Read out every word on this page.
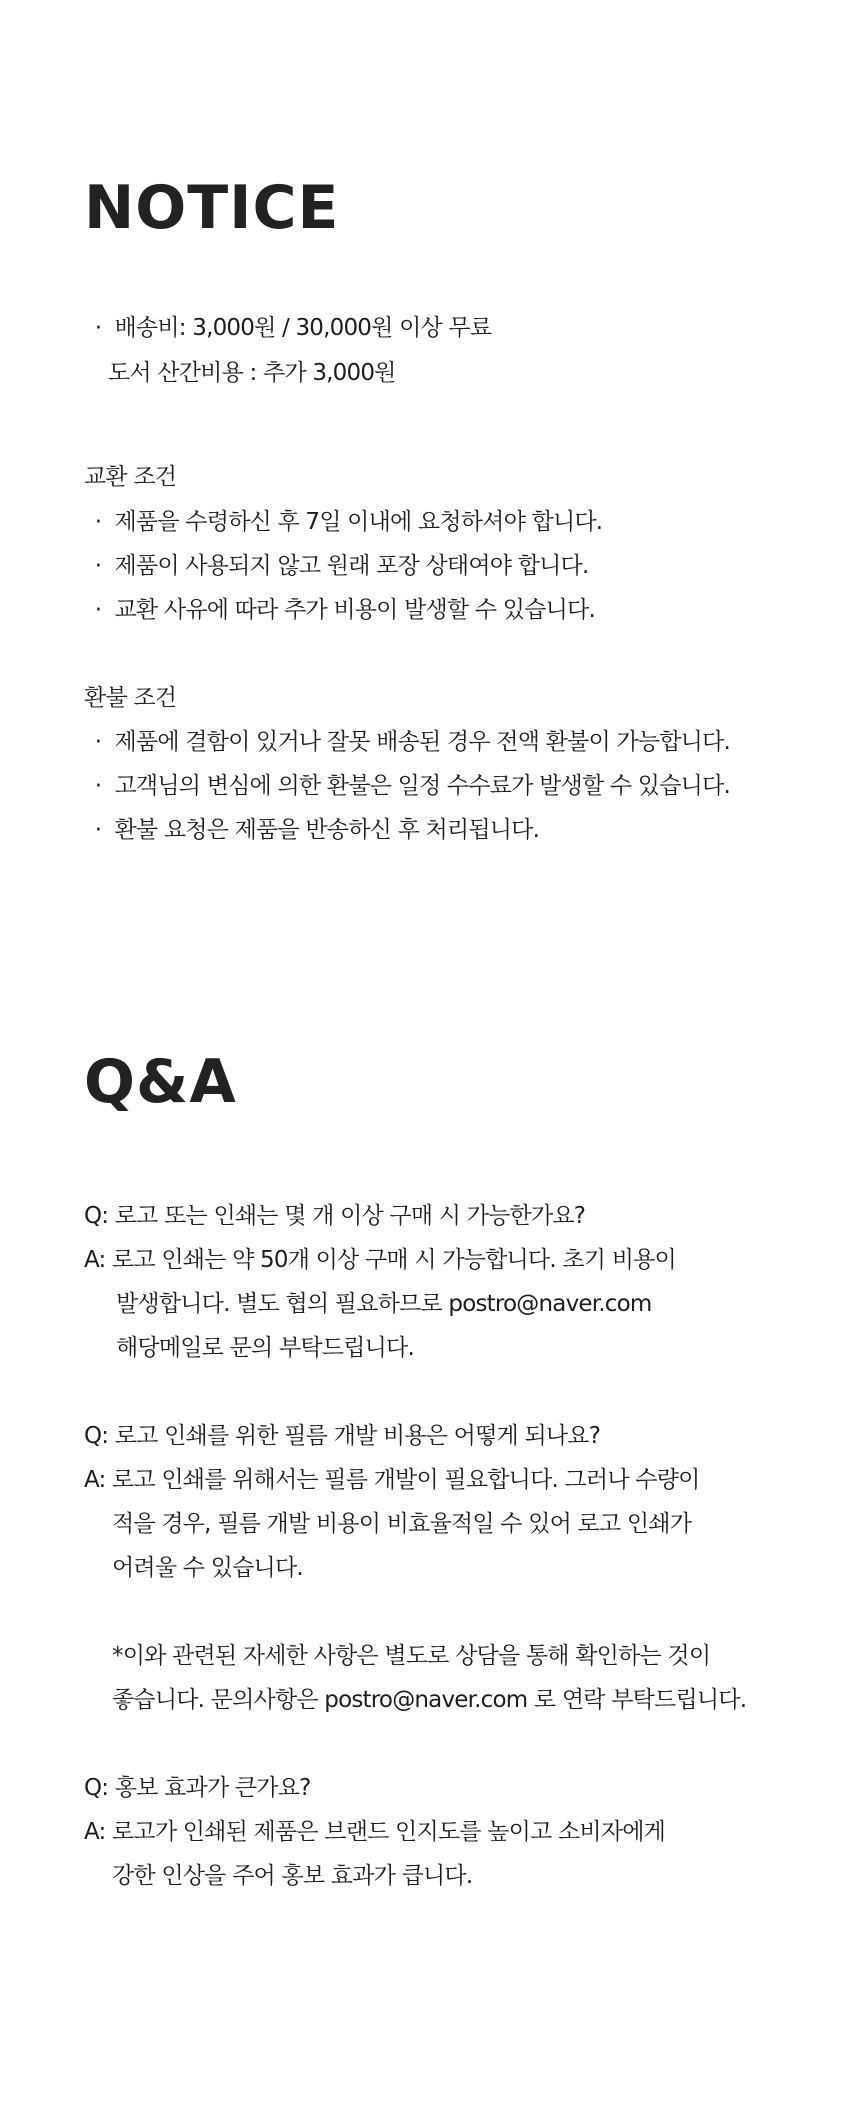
NOTICE

· 배송비: 3,000원 / 30,000원 이상 무료

도서 산간비용 : 추가 3,000원

교환 조건

· 제품을 수령하신 후 7일 이내에 요청하셔야 합니다.

· 제품이 사용되지 않고 원래 포장 상태여야 합니다.

· 교환 사유에 따라 추가 비용이 발생할 수 있습니다.

환불 조건

· 제품에 결함이 있거나 잘못 배송된 경우 전액 환불이 가능합니다.

· 고객님의 변심에 의한 환불은 일정 수수료가 발생할 수 있습니다.

· 환불 요청은 제품을 반송하신 후 처리됩니다.

Q&A

Q: 로고 또는 인쇄는 몇 개 이상 구매 시 가능한가요?

A: 로고 인쇄는 약 50개 이상 구매 시 가능합니다. 초기 비용이

발생합니다. 별도 협의 필요하므로 postro@naver.com

해당메일로 문의 부탁드립니다.

Q: 로고 인쇄를 위한 필름 개발 비용은 어떻게 되나요?

A: 로고 인쇄를 위해서는 필름 개발이 필요합니다. 그러나 수량이

적을 경우, 필름 개발 비용이 비효율적일 수 있어 로고 인쇄가

어려울 수 있습니다.

*이와 관련된 자세한 사항은 별도로 상담을 통해 확인하는 것이

좋습니다. 문의사항은 postro@naver.com 로 연락 부탁드립니다.

Q: 홍보 효과가 큰가요?

A: 로고가 인쇄된 제품은 브랜드 인지도를 높이고 소비자에게

강한 인상을 주어 홍보 효과가 큽니다.
